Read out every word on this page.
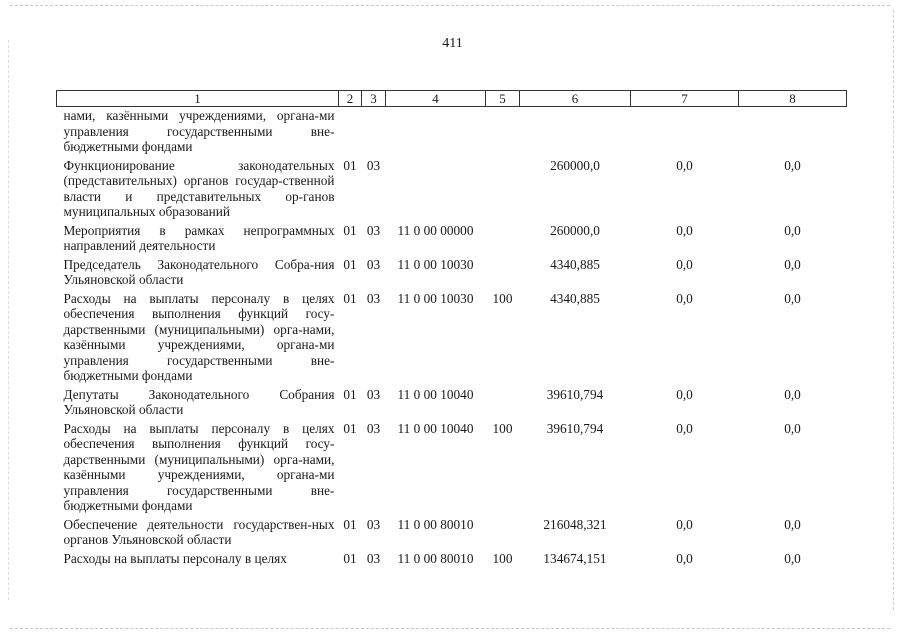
411
1	2	3	4	5	6	7	8
нами, казёнными учреждениями, органа-ми управления государственными вне-бюджетными фондами							
Функционирование законодательных (представительных) органов государ-ственной власти и представительных ор-ганов муниципальных образований	01	03			260000,0	0,0	0,0
Мероприятия в рамках непрограммных направлений деятельности	01	03	11 0 00 00000		260000,0	0,0	0,0
Председатель Законодательного Собра-ния Ульяновской области	01	03	11 0 00 10030		4340,885	0,0	0,0
Расходы на выплаты персоналу в целях обеспечения выполнения функций госу-дарственными (муниципальными) орга-нами, казёнными учреждениями, органа-ми управления государственными вне-бюджетными фондами	01	03	11 0 00 10030	100	4340,885	0,0	0,0
Депутаты Законодательного Собрания Ульяновской области	01	03	11 0 00 10040		39610,794	0,0	0,0
Расходы на выплаты персоналу в целях обеспечения выполнения функций госу-дарственными (муниципальными) орга-нами, казёнными учреждениями, органа-ми управления государственными вне-бюджетными фондами	01	03	11 0 00 10040	100	39610,794	0,0	0,0
Обеспечение деятельности государствен-ных органов Ульяновской области	01	03	11 0 00 80010		216048,321	0,0	0,0
Расходы на выплаты персоналу в целях	01	03	11 0 00 80010	100	134674,151	0,0	0,0
